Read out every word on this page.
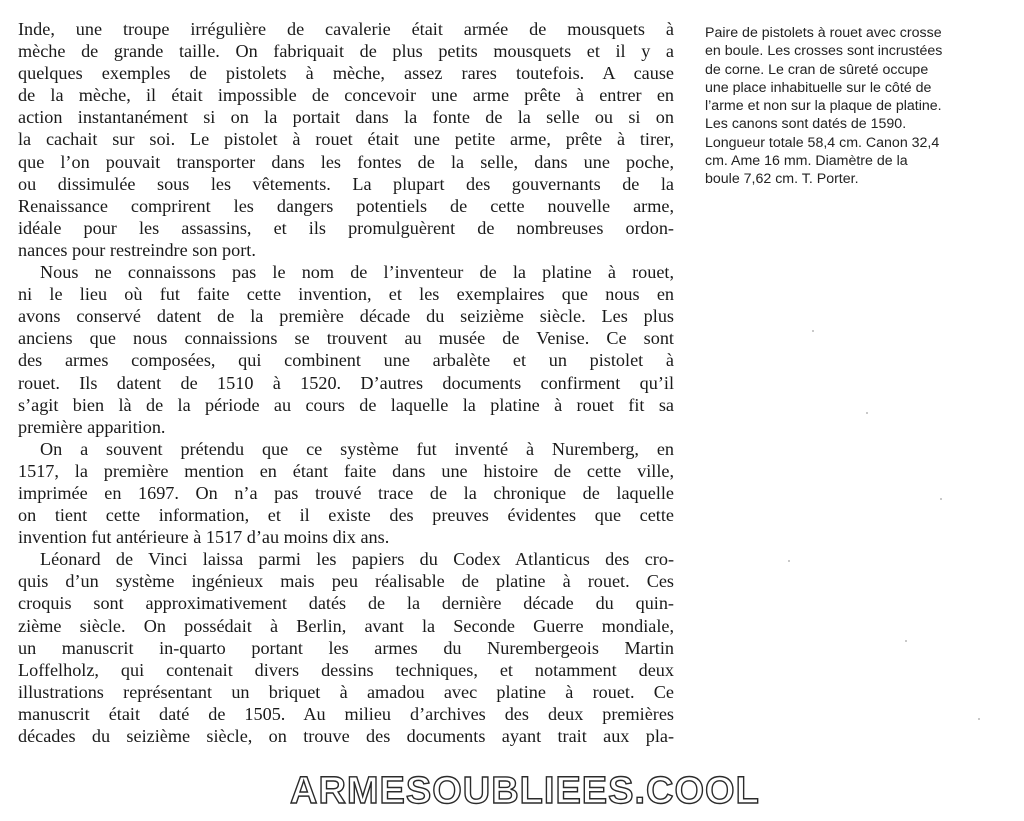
Inde, une troupe irrégulière de cavalerie était armée de mousquets à
mèche de grande taille. On fabriquait de plus petits mousquets et il y a
quelques exemples de pistolets à mèche, assez rares toutefois. A cause
de la mèche, il était impossible de concevoir une arme prête à entrer en
action instantanément si on la portait dans la fonte de la selle ou si on
la cachait sur soi. Le pistolet à rouet était une petite arme, prête à tirer,
que l’on pouvait transporter dans les fontes de la selle, dans une poche,
ou dissimulée sous les vêtements. La plupart des gouvernants de la
Renaissance comprirent les dangers potentiels de cette nouvelle arme,
idéale pour les assassins, et ils promulguèrent de nombreuses ordon-
nances pour restreindre son port.
Nous ne connaissons pas le nom de l’inventeur de la platine à rouet,
ni le lieu où fut faite cette invention, et les exemplaires que nous en
avons conservé datent de la première décade du seizième siècle. Les plus
anciens que nous connaissions se trouvent au musée de Venise. Ce sont
des armes composées, qui combinent une arbalète et un pistolet à
rouet. Ils datent de 1510 à 1520. D’autres documents confirment qu’il
s’agit bien là de la période au cours de laquelle la platine à rouet fit sa
première apparition.
On a souvent prétendu que ce système fut inventé à Nuremberg, en
1517, la première mention en étant faite dans une histoire de cette ville,
imprimée en 1697. On n’a pas trouvé trace de la chronique de laquelle
on tient cette information, et il existe des preuves évidentes que cette
invention fut antérieure à 1517 d’au moins dix ans.
Léonard de Vinci laissa parmi les papiers du Codex Atlanticus des cro-
quis d’un système ingénieux mais peu réalisable de platine à rouet. Ces
croquis sont approximativement datés de la dernière décade du quin-
zième siècle. On possédait à Berlin, avant la Seconde Guerre mondiale,
un manuscrit in-quarto portant les armes du Nurembergeois Martin
Loffelholz, qui contenait divers dessins techniques, et notamment deux
illustrations représentant un briquet à amadou avec platine à rouet. Ce
manuscrit était daté de 1505. Au milieu d’archives des deux premières
décades du seizième siècle, on trouve des documents ayant trait aux pla-
Paire de pistolets à rouet avec crosse
en boule. Les crosses sont incrustées
de corne. Le cran de sûreté occupe
une place inhabituelle sur le côté de
l’arme et non sur la plaque de platine.
Les canons sont datés de 1590.
Longueur totale 58,4 cm. Canon 32,4
cm. Ame 16 mm. Diamètre de la
boule 7,62 cm. T. Porter.
ARMESOUBLIEES.COOL
